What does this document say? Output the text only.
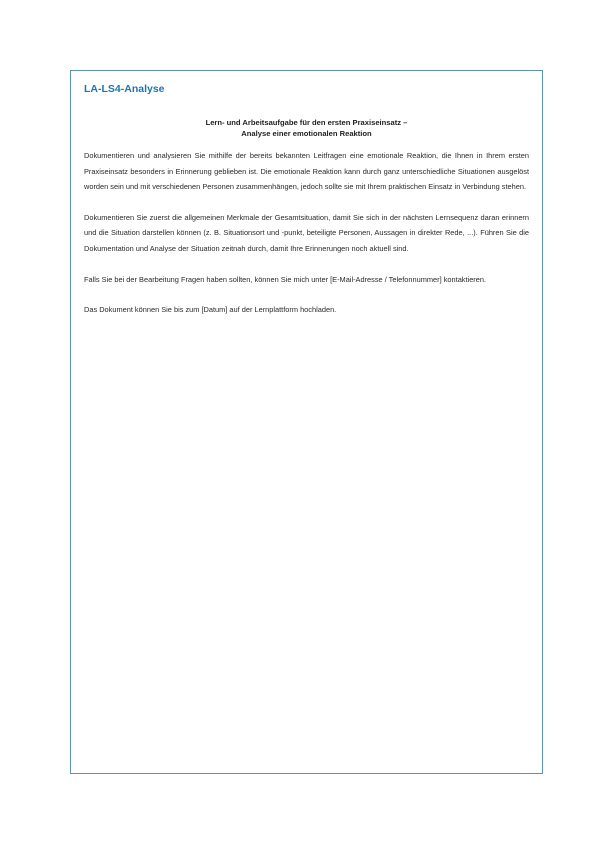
LA-LS4-Analyse
Lern- und Arbeitsaufgabe für den ersten Praxiseinsatz –
Analyse einer emotionalen Reaktion

Dokumentieren und analysieren Sie mithilfe der bereits bekannten Leitfragen eine emotionale Reaktion, die Ihnen in Ihrem ersten Praxiseinsatz besonders in Erinnerung geblieben ist. Die emotionale Reaktion kann durch ganz unterschiedliche Situationen ausgelöst worden sein und mit verschiedenen Personen zusammenhängen, jedoch sollte sie mit Ihrem praktischen Einsatz in Verbindung stehen.

Dokumentieren Sie zuerst die allgemeinen Merkmale der Gesamtsituation, damit Sie sich in der nächsten Lernsequenz daran erinnern und die Situation darstellen können (z. B. Situationsort und -punkt, beteiligte Personen, Aussagen in direkter Rede, ...). Führen Sie die Dokumentation und Analyse der Situation zeitnah durch, damit Ihre Erinnerungen noch aktuell sind.

Falls Sie bei der Bearbeitung Fragen haben sollten, können Sie mich unter [E-Mail-Adresse / Telefonnummer] kontaktieren.

Das Dokument können Sie bis zum [Datum] auf der Lernplattform hochladen.
